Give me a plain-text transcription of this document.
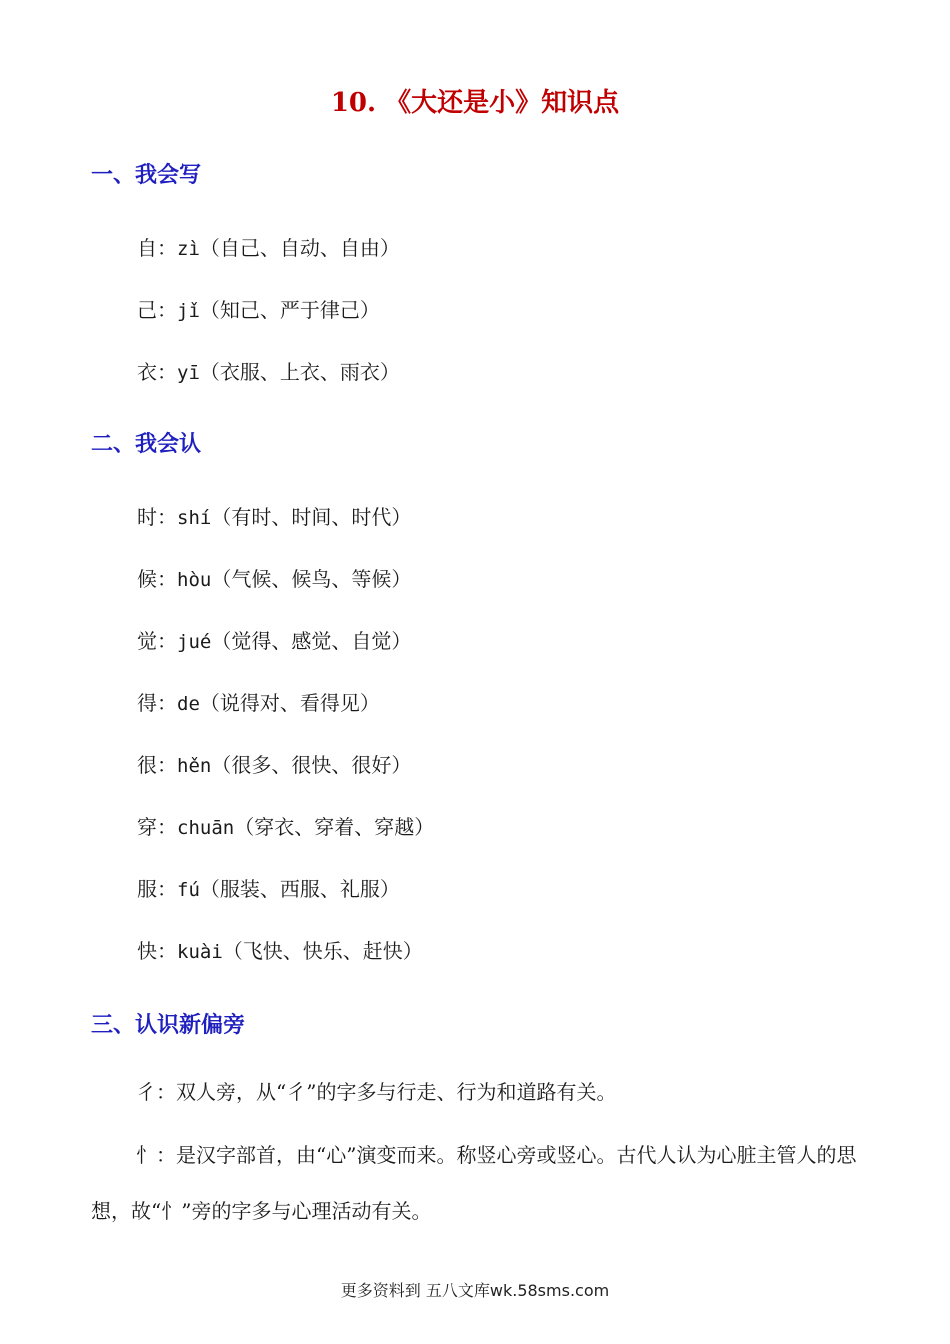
10. 《大还是小》知识点
一、我会写
自：zì（自己、自动、自由）
己：jǐ（知己、严于律己）
衣：yī（衣服、上衣、雨衣）
二、我会认
时：shí（有时、时间、时代）
候：hòu（气候、候鸟、等候）
觉：jué（觉得、感觉、自觉）
得：de（说得对、看得见）
很：hěn（很多、很快、很好）
穿：chuān（穿衣、穿着、穿越）
服：fú（服装、西服、礼服）
快：kuài（飞快、快乐、赶快）
三、认识新偏旁

彳：双人旁，从“彳”的字多与行走、行为和道路有关。

忄：是汉字部首，由“心”演变而来。称竖心旁或竖心。古代人认为心脏主管人的思想，故“忄”旁的字多与心理活动有关。

更多资料到 五八文库wk.58sms.com
